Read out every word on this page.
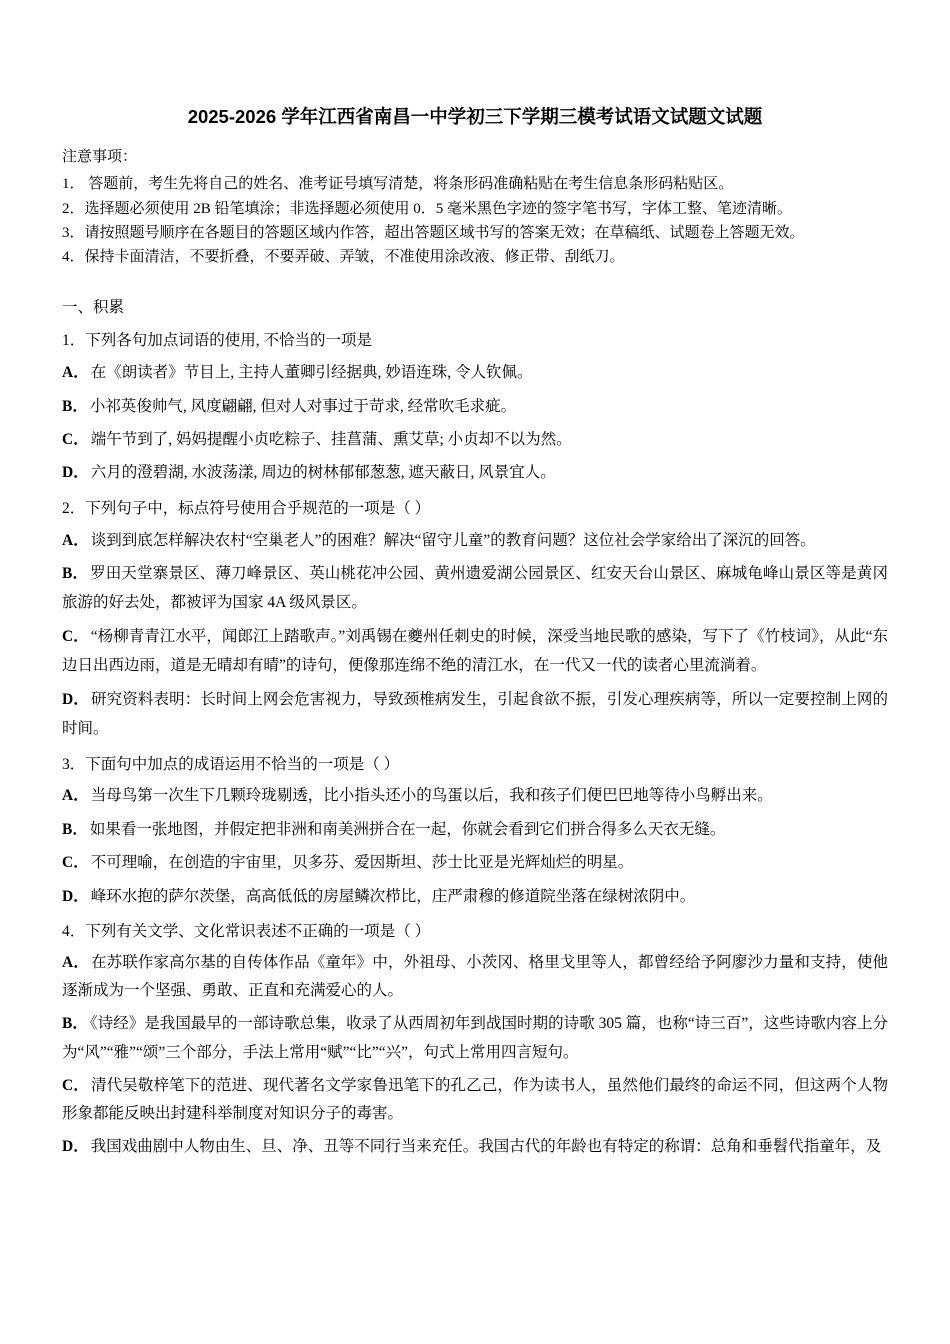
2025-2026 学年江西省南昌一中学初三下学期三模考试语文试题文试题
注意事项：
1． 答题前，考生先将自己的姓名、准考证号填写清楚，将条形码准确粘贴在考生信息条形码粘贴区。
2．选择题必须使用 2B 铅笔填涂；非选择题必须使用 0．5 毫米黑色字迹的签字笔书写，字体工整、笔迹清晰。
3．请按照题号顺序在各题目的答题区域内作答，超出答题区域书写的答案无效；在草稿纸、试题卷上答题无效。
4．保持卡面清洁，不要折叠，不要弄破、弄皱，不准使用涂改液、修正带、刮纸刀。
一、积累
1．下列各句加点词语的使用, 不恰当的一项是
A． 在《朗读者》节目上, 主持人董卿引经据典, 妙语连珠, 令人钦佩。
B． 小祁英俊帅气, 风度翩翩, 但对人对事过于苛求, 经常吹毛求疵。
C． 端午节到了, 妈妈提醒小贞吃粽子、挂菖蒲、熏艾草; 小贞却不以为然。
D． 六月的澄碧湖, 水波荡漾, 周边的树林郁郁葱葱, 遮天蔽日, 风景宜人。
2．下列句子中，标点符号使用合乎规范的一项是（ ）
A． 谈到到底怎样解决农村“空巢老人”的困难？解决“留守儿童”的教育问题？这位社会学家给出了深沉的回答。
B． 罗田天堂寨景区、薄刀峰景区、英山桃花冲公园、黄州遗爱湖公园景区、红安天台山景区、麻城龟峰山景区等是黄冈旅游的好去处，都被评为国家 4A 级风景区。
C． “杨柳青青江水平，闻郎江上踏歌声。”刘禹锡在夔州任刺史的时候，深受当地民歌的感染，写下了《竹枝词》，从此“东边日出西边雨，道是无晴却有晴”的诗句，便像那连绵不绝的清江水，在一代又一代的读者心里流淌着。
D． 研究资料表明：长时间上网会危害视力，导致颈椎病发生，引起食欲不振，引发心理疾病等，所以一定要控制上网的时间。
3．下面句中加点的成语运用不恰当的一项是（ ）
A． 当母鸟第一次生下几颗玲珑剔透，比小指头还小的鸟蛋以后，我和孩子们便巴巴地等待小鸟孵出来。
B． 如果看一张地图，并假定把非洲和南美洲拼合在一起，你就会看到它们拼合得多么天衣无缝。
C． 不可理喻，在创造的宇宙里，贝多芬、爱因斯坦、莎士比亚是光辉灿烂的明星。
D． 峰环水抱的萨尔茨堡，高高低低的房屋鳞次栉比，庄严肃穆的修道院坐落在绿树浓阴中。
4．下列有关文学、文化常识表述不正确的一项是（ ）
A． 在苏联作家高尔基的自传体作品《童年》中，外祖母、小茨冈、格里戈里等人，都曾经给予阿廖沙力量和支持，使他逐渐成为一个坚强、勇敢、正直和充满爱心的人。
B． 《诗经》是我国最早的一部诗歌总集，收录了从西周初年到战国时期的诗歌 305 篇，也称“诗三百”，这些诗歌内容上分为“风”“雅”“颂”三个部分，手法上常用“赋”“比”“兴”，句式上常用四言短句。
C． 清代吴敬梓笔下的范进、现代著名文学家鲁迅笔下的孔乙己，作为读书人，虽然他们最终的命运不同，但这两个人物形象都能反映出封建科举制度对知识分子的毒害。
D． 我国戏曲剧中人物由生、旦、净、丑等不同行当来充任。我国古代的年龄也有特定的称谓：总角和垂髫代指童年，及
